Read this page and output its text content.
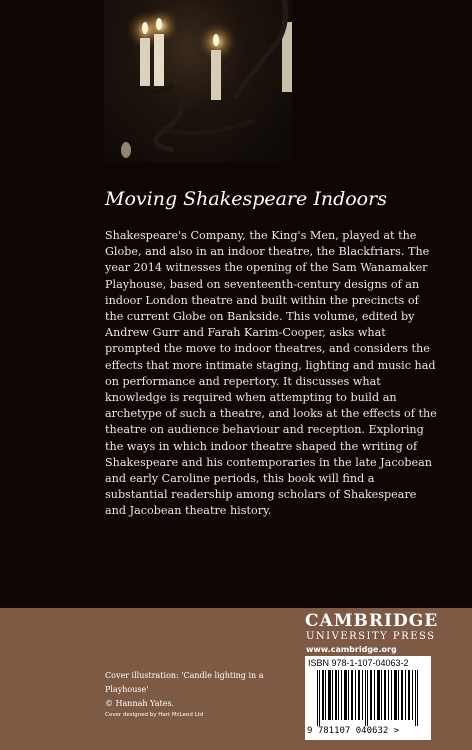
Moving Shakespeare Indoors

Shakespeare's Company, the King's Men, played at the Globe, and also in an indoor theatre, the Blackfriars. The year 2014 witnesses the opening of the Sam Wanamaker Playhouse, based on seventeenth-century designs of an indoor London theatre and built within the precincts of the current Globe on Bankside. This volume, edited by Andrew Gurr and Farah Karim-Cooper, asks what prompted the move to indoor theatres, and considers the effects that more intimate staging, lighting and music had on performance and repertory. It discusses what knowledge is required when attempting to build an archetype of such a theatre, and looks at the effects of the theatre on audience behaviour and reception. Exploring the ways in which indoor theatre shaped the writing of Shakespeare and his contemporaries in the late Jacobean and early Caroline periods, this book will find a substantial readership among scholars of Shakespeare and Jacobean theatre history.

CAMBRIDGE
UNIVERSITY PRESS
www.cambridge.org
ISBN 978-1-107-04063-2
9 781107 040632 >
Cover illustration: 'Candle lighting in a Playhouse'
© Hannah Yates.
Cover designed by Hart McLeod Ltd
